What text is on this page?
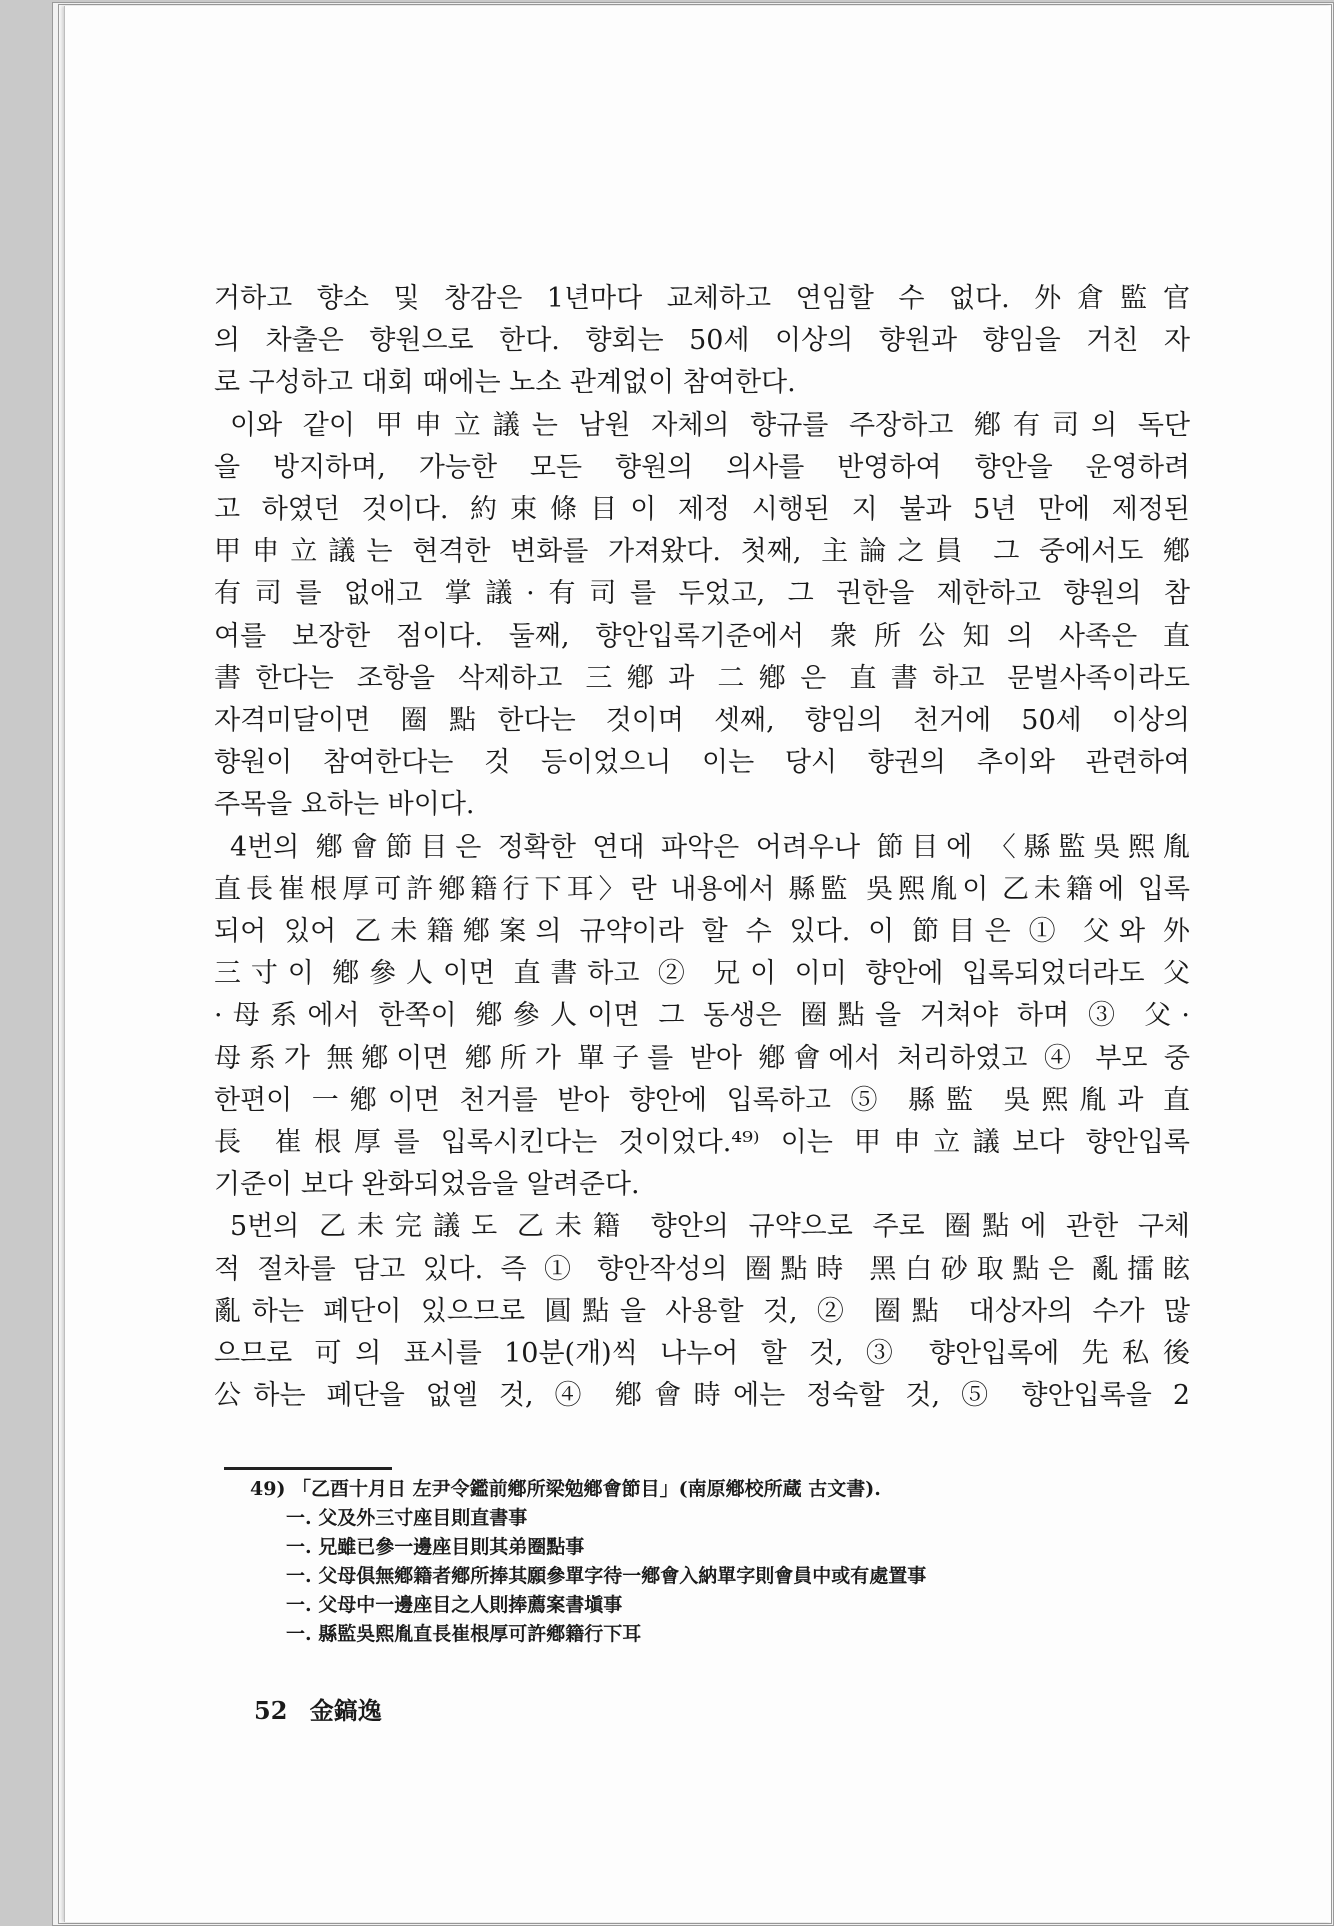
거하고 향소 및 창감은 1년마다 교체하고 연임할 수 없다. 外倉監官
의 차출은 향원으로 한다. 향회는 50세 이상의 향원과 향임을 거친 자
로 구성하고 대회 때에는 노소 관계없이 참여한다.
이와 같이 甲申立議는 남원 자체의 향규를 주장하고 鄕有司의 독단
을 방지하며, 가능한 모든 향원의 의사를 반영하여 향안을 운영하려
고 하였던 것이다. 約束條目이 제정 시행된 지 불과 5년 만에 제정된
甲申立議는 현격한 변화를 가져왔다. 첫째, 主論之員 그 중에서도 鄕
有司를 없애고 掌議·有司를 두었고, 그 권한을 제한하고 향원의 참
여를 보장한 점이다. 둘째, 향안입록기준에서 衆所公知의 사족은 直
書한다는 조항을 삭제하고 三鄕과 二鄕은 直書하고 문벌사족이라도
자격미달이면 圈點한다는 것이며 셋째, 향임의 천거에 50세 이상의
향원이 참여한다는 것 등이었으니 이는 당시 향권의 추이와 관련하여
주목을 요하는 바이다.
4번의 鄕會節目은 정확한 연대 파악은 어려우나 節目에 〈縣監吳熙胤
直長崔根厚可許鄕籍行下耳〉란 내용에서 縣監 吳熙胤이 乙未籍에 입록
되어 있어 乙未籍鄕案의 규약이라 할 수 있다. 이 節目은 ① 父와 外
三寸이 鄕參人이면 直書하고 ② 兄이 이미 향안에 입록되었더라도 父
·母系에서 한쪽이 鄕參人이면 그 동생은 圈點을 거쳐야 하며 ③ 父·
母系가 無鄕이면 鄕所가 單子를 받아 鄕會에서 처리하였고 ④ 부모 중
한편이 一鄕이면 천거를 받아 향안에 입록하고 ⑤ 縣監 吳熙胤과 直
長 崔根厚를 입록시킨다는 것이었다.⁴⁹⁾ 이는 甲申立議보다 향안입록
기준이 보다 완화되었음을 알려준다.
5번의 乙未完議도 乙未籍 향안의 규약으로 주로 圈點에 관한 구체
적 절차를 담고 있다. 즉 ① 향안작성의 圈點時 黑白砂取點은 亂擂眩
亂하는 폐단이 있으므로 圓點을 사용할 것, ② 圈點 대상자의 수가 많
으므로 可의 표시를 10분(개)씩 나누어 할 것, ③ 향안입록에 先私後
公하는 폐단을 없엘 것, ④ 鄕會時에는 정숙할 것, ⑤ 향안입록을 2
49) 「乙酉十月日 左尹令鑑前鄕所梁勉鄕會節目」(南原鄕校所蔵 古文書).
一. 父及外三寸座目則直書事
一. 兄雖已參一邊座目則其弟圈點事
一. 父母俱無鄕籍者鄕所捧其願參單字待一鄕會入納單字則會員中或有處置事
一. 父母中一邊座目之人則捧薦案書塡事
一. 縣監吳熙胤直長崔根厚可許鄕籍行下耳
52 金鎬逸
